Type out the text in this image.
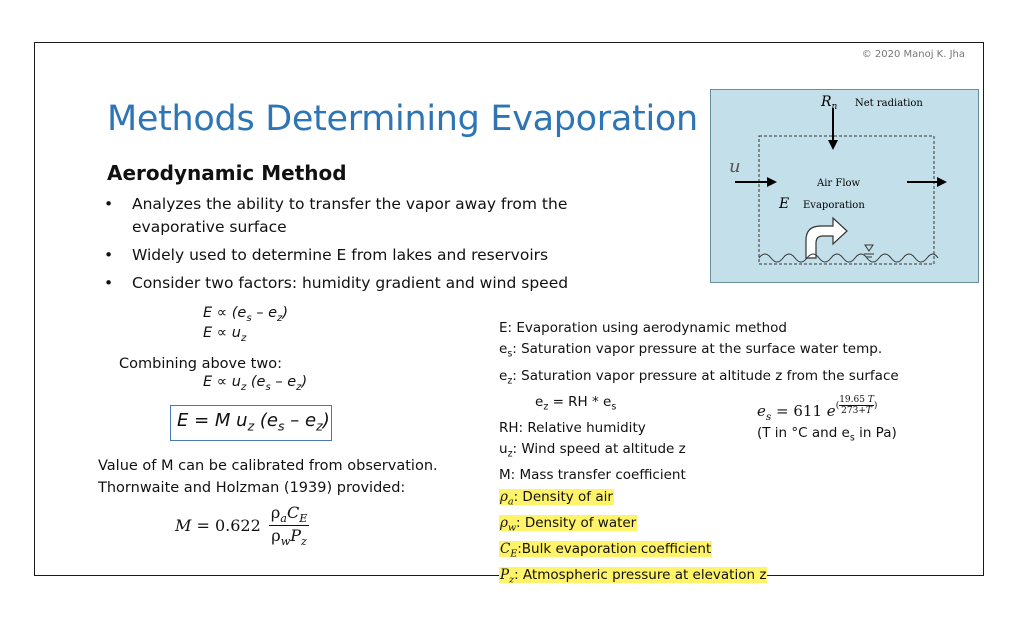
© 2020 Manoj K. Jha
Methods Determining Evaporation
Aerodynamic Method
• Analyzes the ability to transfer the vapor away from the
evaporative surface
• Widely used to determine E from lakes and reservoirs
• Consider two factors: humidity gradient and wind speed
$E \propto (e_s - e_z)$
$E \propto u_z$
Combining above two:
$E \propto u_z$ $(e_s - e_z)$
E = M $u_z$ $(e_s - e_z)$
Value of M can be calibrated from observation.
Thornwaite and Holzman (1939) provided:
M = 0.622
$\rho_aC_E$
$\rho_wP_z$
E: Evaporation using aerodynamic method
$e_s$: Saturation vapor pressure at the surface water temp.
$e_z$: Saturation vapor pressure at altitude z from the surface
$e_z$ = RH * $e_s$
RH: Relative humidity
$u_z$: Wind speed at altitude z
M: Mass transfer coefficient
$\rho_a$: Density of air
$\rho_w$: Density of water
$C_E:Bulk$ evaporation coefficient
$P_z$: Atmospheric pressure at elevation z
$e_s = 611$ $e^{( \frac{19.65 T}{273+T} )}$
(T in °C and $e_s$ in Pa)
$R_n$ Net radiation
u
Air Flow
E Evaporation
